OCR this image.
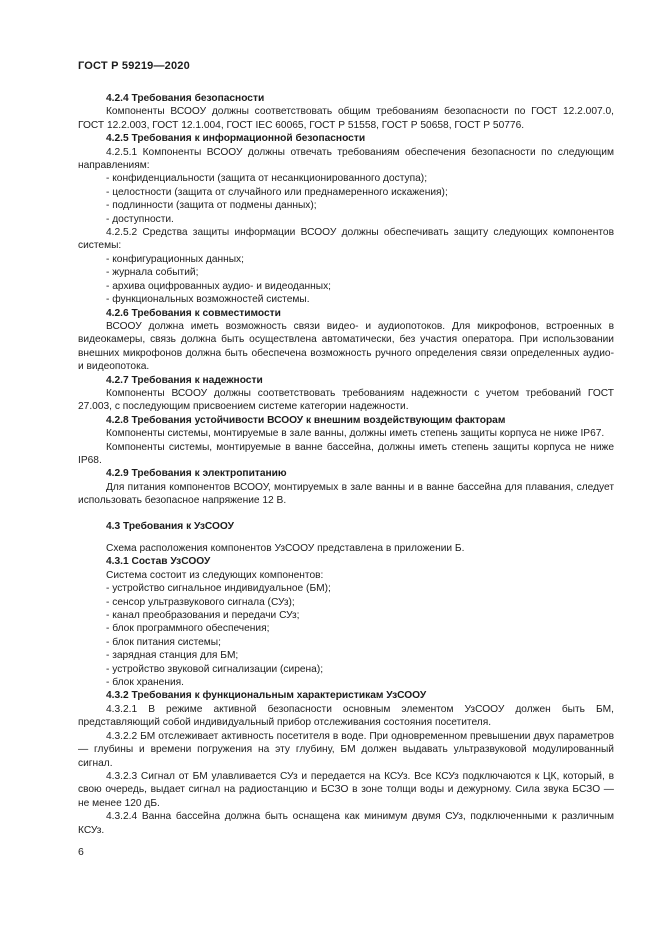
ГОСТ Р 59219—2020

4.2.4 Требования безопасности

Компоненты ВСООУ должны соответствовать общим требованиям безопасности по ГОСТ 12.2.007.0, ГОСТ 12.2.003, ГОСТ 12.1.004, ГОСТ IEC 60065, ГОСТ Р 51558, ГОСТ Р 50658, ГОСТ Р 50776.

4.2.5 Требования к информационной безопасности

4.2.5.1 Компоненты ВСООУ должны отвечать требованиям обеспечения безопасности по следующим направлениям:

- конфиденциальности (защита от несанкционированного доступа);

- целостности (защита от случайного или преднамеренного искажения);

- подлинности (защита от подмены данных);

- доступности.

4.2.5.2 Средства защиты информации ВСООУ должны обеспечивать защиту следующих компонентов системы:

- конфигурационных данных;

- журнала событий;

- архива оцифрованных аудио- и видеоданных;

- функциональных возможностей системы.

4.2.6 Требования к совместимости

ВСООУ должна иметь возможность связи видео- и аудиопотоков. Для микрофонов, встроенных в видеокамеры, связь должна быть осуществлена автоматически, без участия оператора. При использовании внешних микрофонов должна быть обеспечена возможность ручного определения связи определенных аудио- и видеопотока.

4.2.7 Требования к надежности

Компоненты ВСООУ должны соответствовать требованиям надежности с учетом требований ГОСТ 27.003, с последующим присвоением системе категории надежности.

4.2.8 Требования устойчивости ВСООУ к внешним воздействующим факторам

Компоненты системы, монтируемые в зале ванны, должны иметь степень защиты корпуса не ниже IP67.

Компоненты системы, монтируемые в ванне бассейна, должны иметь степень защиты корпуса не ниже IP68.

4.2.9 Требования к электропитанию

Для питания компонентов ВСООУ, монтируемых в зале ванны и в ванне бассейна для плавания, следует использовать безопасное напряжение 12 В.

4.3 Требования к УзСООУ

Схема расположения компонентов УзСООУ представлена в приложении Б.

4.3.1 Состав УзСООУ

Система состоит из следующих компонентов:

- устройство сигнальное индивидуальное (БМ);

- сенсор ультразвукового сигнала (СУз);

- канал преобразования и передачи СУз;

- блок программного обеспечения;

- блок питания системы;

- зарядная станция для БМ;

- устройство звуковой сигнализации (сирена);

- блок хранения.

4.3.2 Требования к функциональным характеристикам УзСООУ

4.3.2.1 В режиме активной безопасности основным элементом УзСООУ должен быть БМ, представляющий собой индивидуальный прибор отслеживания состояния посетителя.

4.3.2.2 БМ отслеживает активность посетителя в воде. При одновременном превышении двух параметров — глубины и времени погружения на эту глубину, БМ должен выдавать ультразвуковой модулированный сигнал.

4.3.2.3 Сигнал от БМ улавливается СУз и передается на КСУз. Все КСУз подключаются к ЦК, который, в свою очередь, выдает сигнал на радиостанцию и БСЗО в зоне толщи воды и дежурному. Сила звука БСЗО — не менее 120 дБ.

4.3.2.4 Ванна бассейна должна быть оснащена как минимум двумя СУз, подключенными к различным КСУз.

6
